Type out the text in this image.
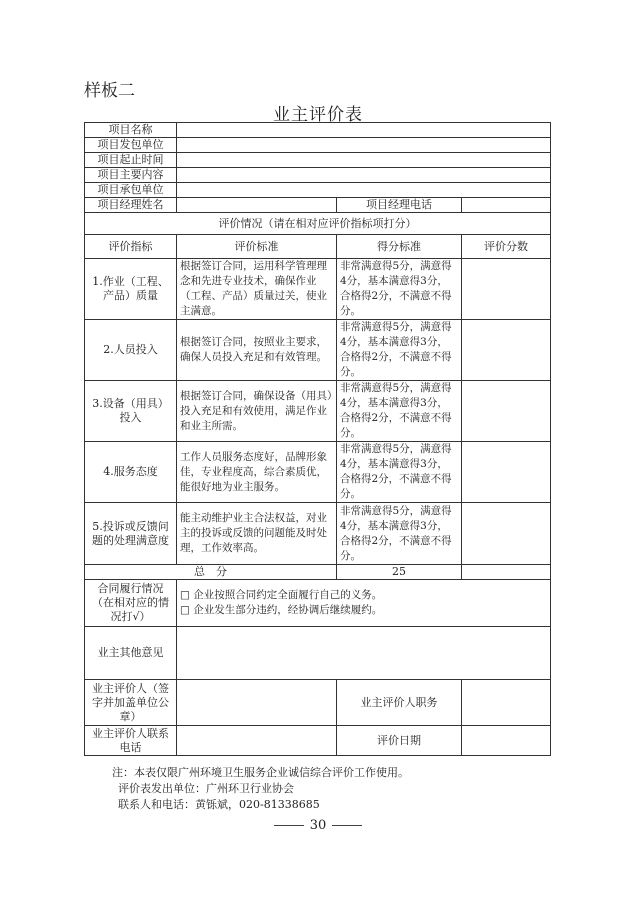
样板二
业主评价表
项目名称			
项目发包单位			
项目起止时间			
项目主要内容			
项目承包单位			
项目经理姓名		项目经理电话	
评价情况（请在相对应评价指标项打分）			
评价指标	评价标准	得分标准	评价分数
1.作业（工程、产品）质量	根据签订合同，运用科学管理理念和先进专业技术，确保作业（工程、产品）质量过关，使业主满意。	非常满意得5分，满意得4分，基本满意得3分，合格得2分，不满意不得分。	
2.人员投入	根据签订合同，按照业主要求，确保人员投入充足和有效管理。	非常满意得5分，满意得4分，基本满意得3分，合格得2分，不满意不得分。	
3.设备（用具）投入	根据签订合同，确保设备（用具）投入充足和有效使用，满足作业和业主所需。	非常满意得5分，满意得4分，基本满意得3分，合格得2分，不满意不得分。	
4.服务态度	工作人员服务态度好，品牌形象佳，专业程度高，综合素质优，能很好地为业主服务。	非常满意得5分，满意得4分，基本满意得3分，合格得2分，不满意不得分。	
5.投诉或反馈问题的处理满意度	能主动维护业主合法权益，对业主的投诉或反馈的问题能及时处理，工作效率高。	非常满意得5分，满意得4分，基本满意得3分，合格得2分，不满意不得分。	
总　分		25	
合同履行情况（在相对应的情况打√）	□ 企业按照合同约定全面履行自己的义务。
□ 企业发生部分违约，经协调后继续履约。		

业主其他意见			
业主评价人（签字并加盖单位公章）		业主评价人职务	
业主评价人联系电话		评价日期	
注：本表仅限广州环境卫生服务企业诚信综合评价工作使用。
评价表发出单位：广州环卫行业协会
联系人和电话：黄铄斌，020-81338685
30
